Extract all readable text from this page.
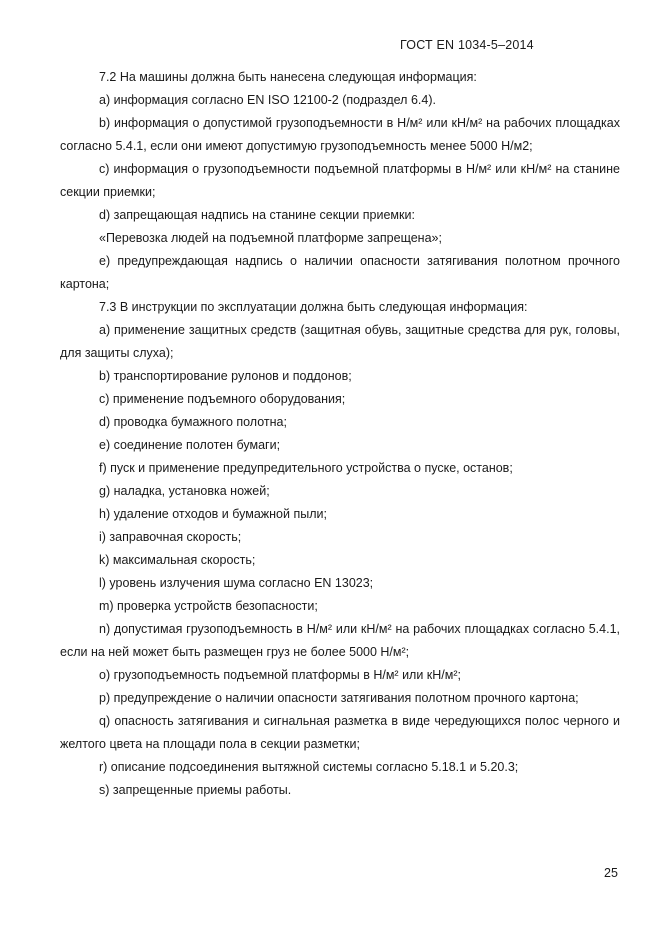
ГОСТ EN 1034-5–2014

7.2 На машины должна быть нанесена следующая информация:

a) информация согласно EN ISO 12100-2 (подраздел 6.4).

b) информация о допустимой грузоподъемности в Н/м² или кН/м² на рабочих площадках согласно 5.4.1, если они имеют допустимую грузоподъемность менее 5000 Н/м2;

c) информация о грузоподъемности подъемной платформы в Н/м² или кН/м² на станине секции приемки;

d) запрещающая надпись на станине секции приемки:

«Перевозка людей на подъемной платформе запрещена»;

e) предупреждающая надпись о наличии опасности затягивания полотном прочного картона;

7.3 В инструкции по эксплуатации должна быть следующая информация:

a) применение защитных средств (защитная обувь, защитные средства для рук, головы, для защиты слуха);

b) транспортирование рулонов и поддонов;

c) применение подъемного оборудования;

d) проводка бумажного полотна;

e) соединение полотен бумаги;

f) пуск и применение предупредительного устройства о пуске, останов;

g) наладка, установка ножей;

h) удаление отходов и бумажной пыли;

i) заправочная скорость;

k) максимальная скорость;

l) уровень излучения шума согласно EN 13023;

m) проверка устройств безопасности;

n) допустимая грузоподъемность в Н/м² или кН/м² на рабочих площадках согласно 5.4.1, если на ней может быть размещен груз не более 5000 Н/м²;

o) грузоподъемность подъемной платформы в Н/м² или кН/м²;

p) предупреждение о наличии опасности затягивания полотном прочного картона;

q) опасность затягивания и сигнальная разметка в виде чередующихся полос черного и желтого цвета на площади пола в секции разметки;

r) описание подсоединения вытяжной системы согласно 5.18.1 и 5.20.3;

s) запрещенные приемы работы.

25
